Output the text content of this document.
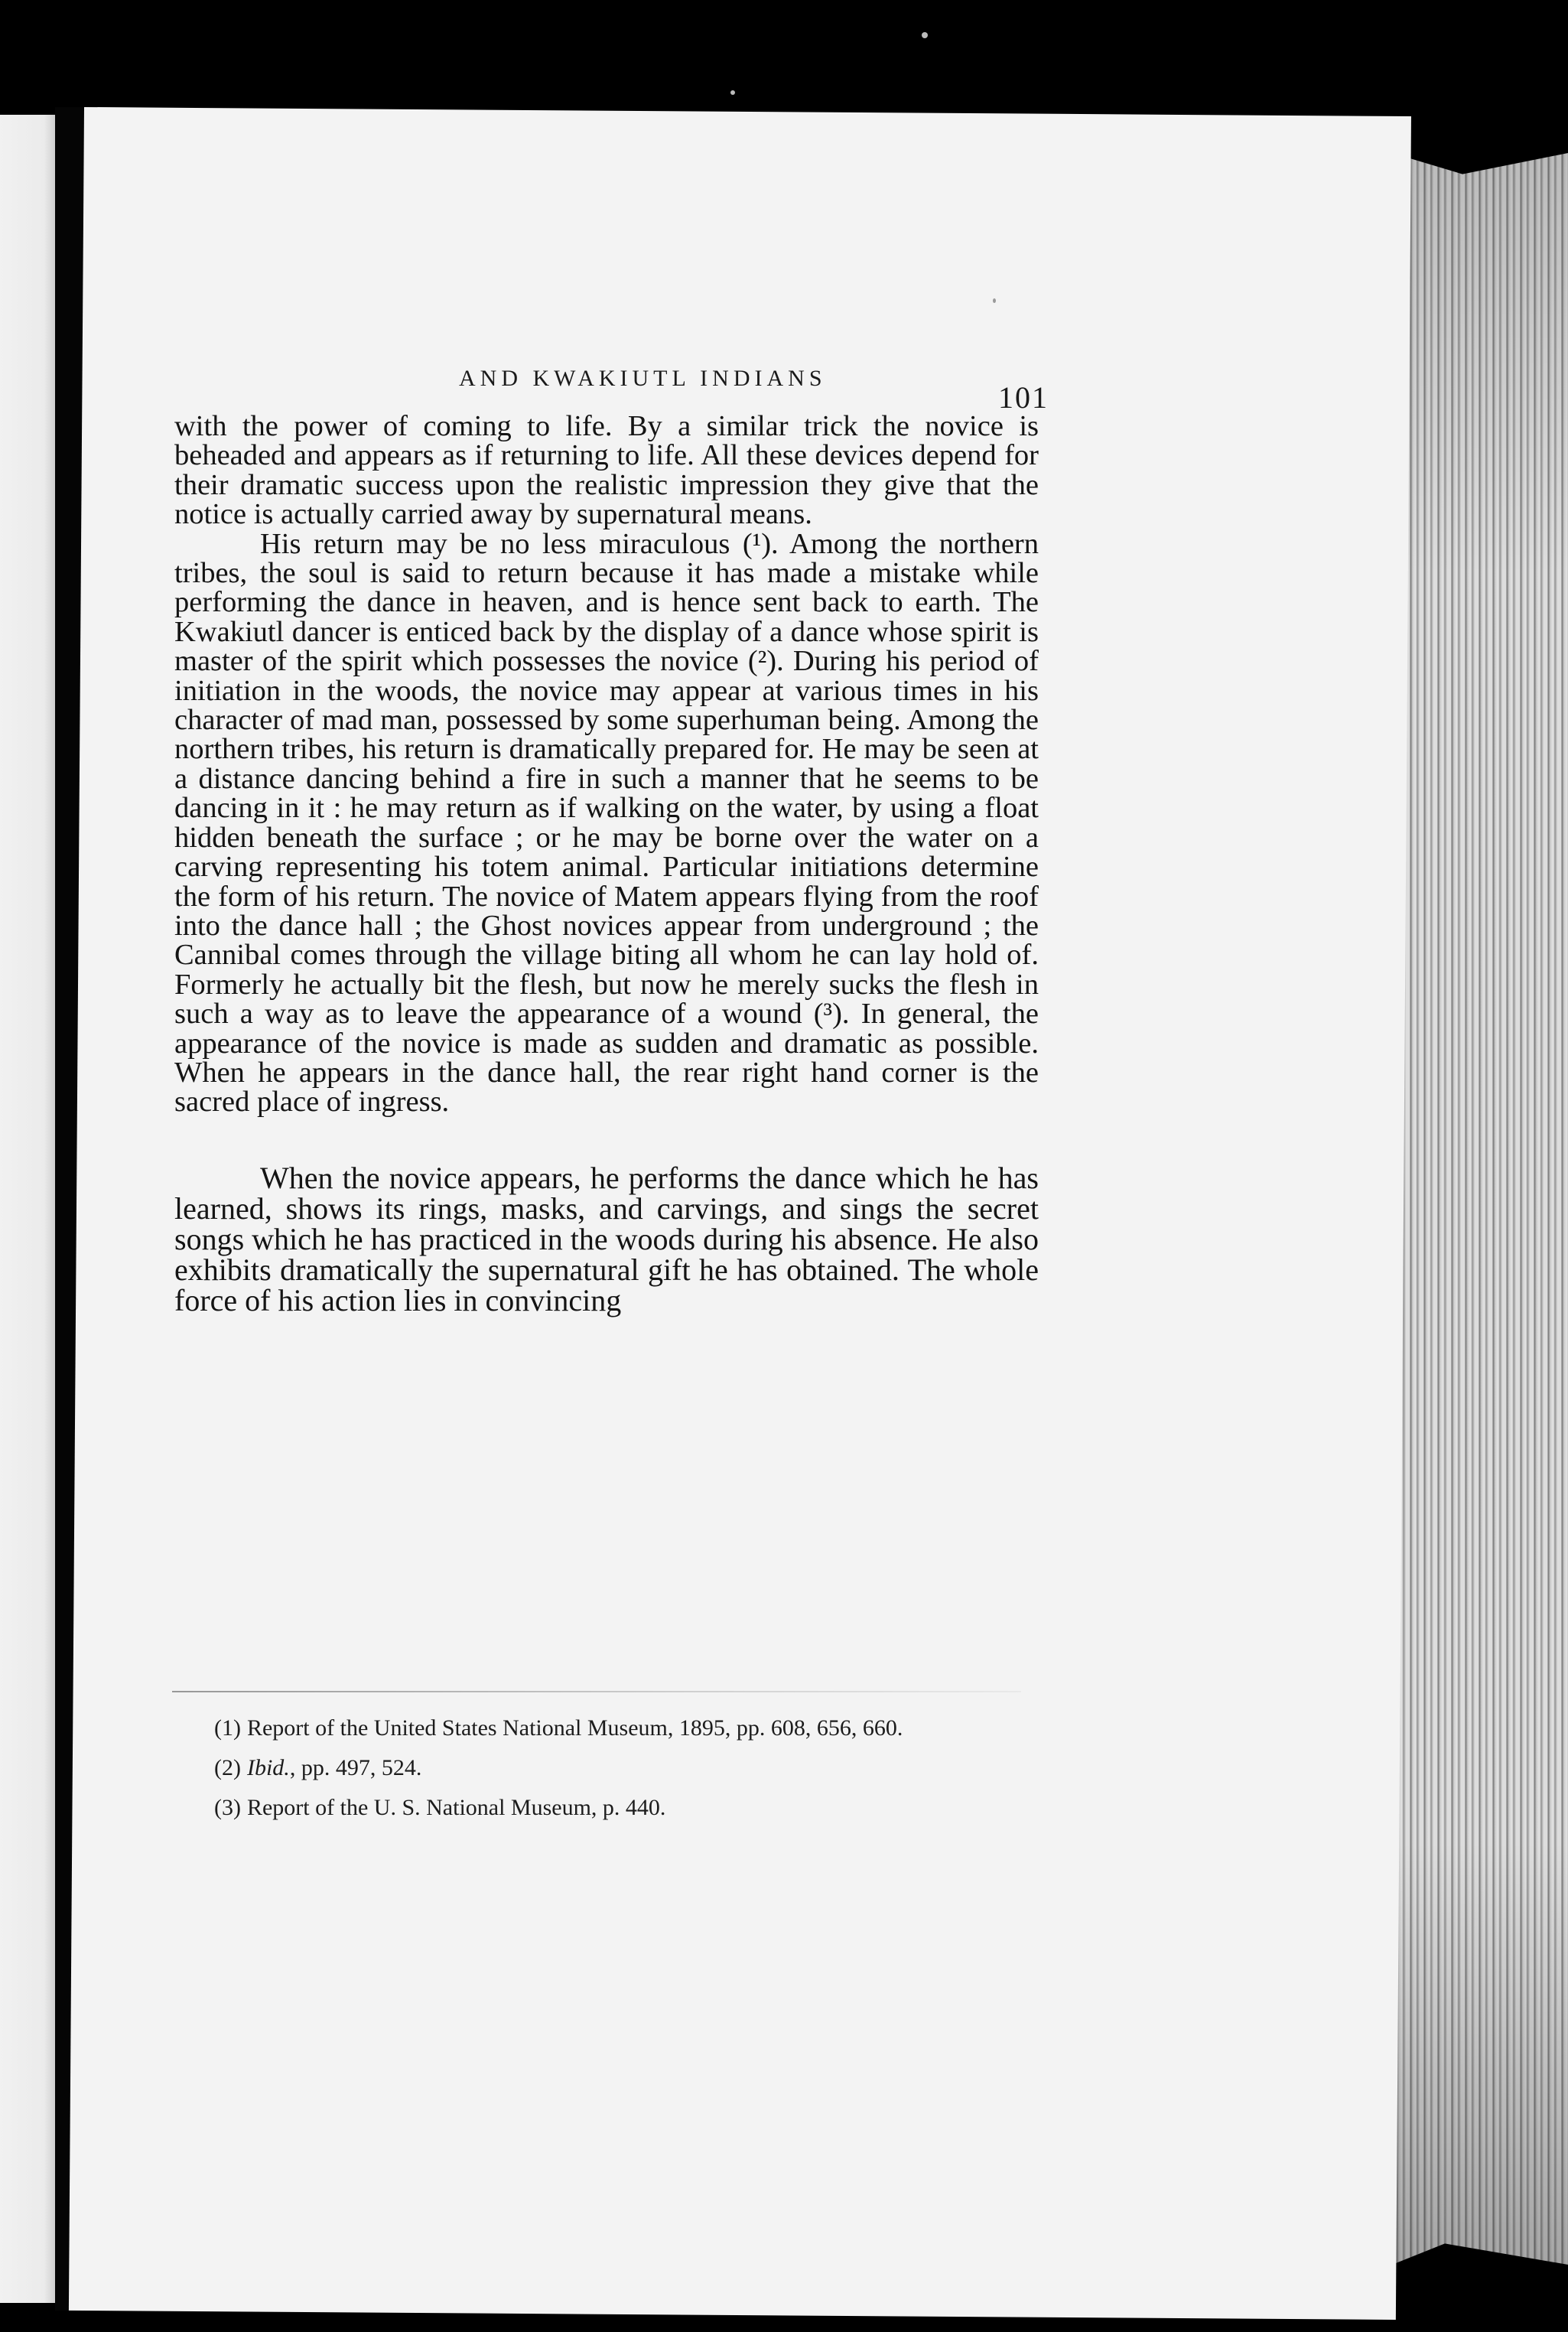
AND KWAKIUTL INDIANS
101

with the power of coming to life. By a similar trick the novice is beheaded and appears as if returning to life. All these devices depend for their dramatic success upon the realistic impression they give that the notice is actually carried away by supernatural means.

His return may be no less miraculous (¹). Among the northern tribes, the soul is said to return because it has made a mistake while performing the dance in heaven, and is hence sent back to earth. The Kwakiutl dancer is enticed back by the display of a dance whose spirit is master of the spirit which possesses the novice (²). During his period of initiation in the woods, the novice may appear at various times in his character of mad man, possessed by some superhuman being. Among the northern tribes, his return is dramatically prepared for. He may be seen at a distance dancing behind a fire in such a manner that he seems to be dancing in it : he may return as if walking on the water, by using a float hidden beneath the surface ; or he may be borne over the water on a carving representing his totem animal. Particular initiations determine the form of his return. The novice of Matem appears flying from the roof into the dance hall ; the Ghost novices appear from underground ; the Cannibal comes through the village biting all whom he can lay hold of. Formerly he actually bit the flesh, but now he merely sucks the flesh in such a way as to leave the appearance of a wound (³). In general, the appearance of the novice is made as sudden and dramatic as possible. When he appears in the dance hall, the rear right hand corner is the sacred place of ingress.

When the novice appears, he performs the dance which he has learned, shows its rings, masks, and carvings, and sings the secret songs which he has practiced in the woods during his absence. He also exhibits dramatically the supernatural gift he has obtained. The whole force of his action lies in convincing

(1) Report of the United States National Museum, 1895, pp. 608, 656, 660.

(2) Ibid., pp. 497, 524.

(3) Report of the U. S. National Museum, p. 440.
